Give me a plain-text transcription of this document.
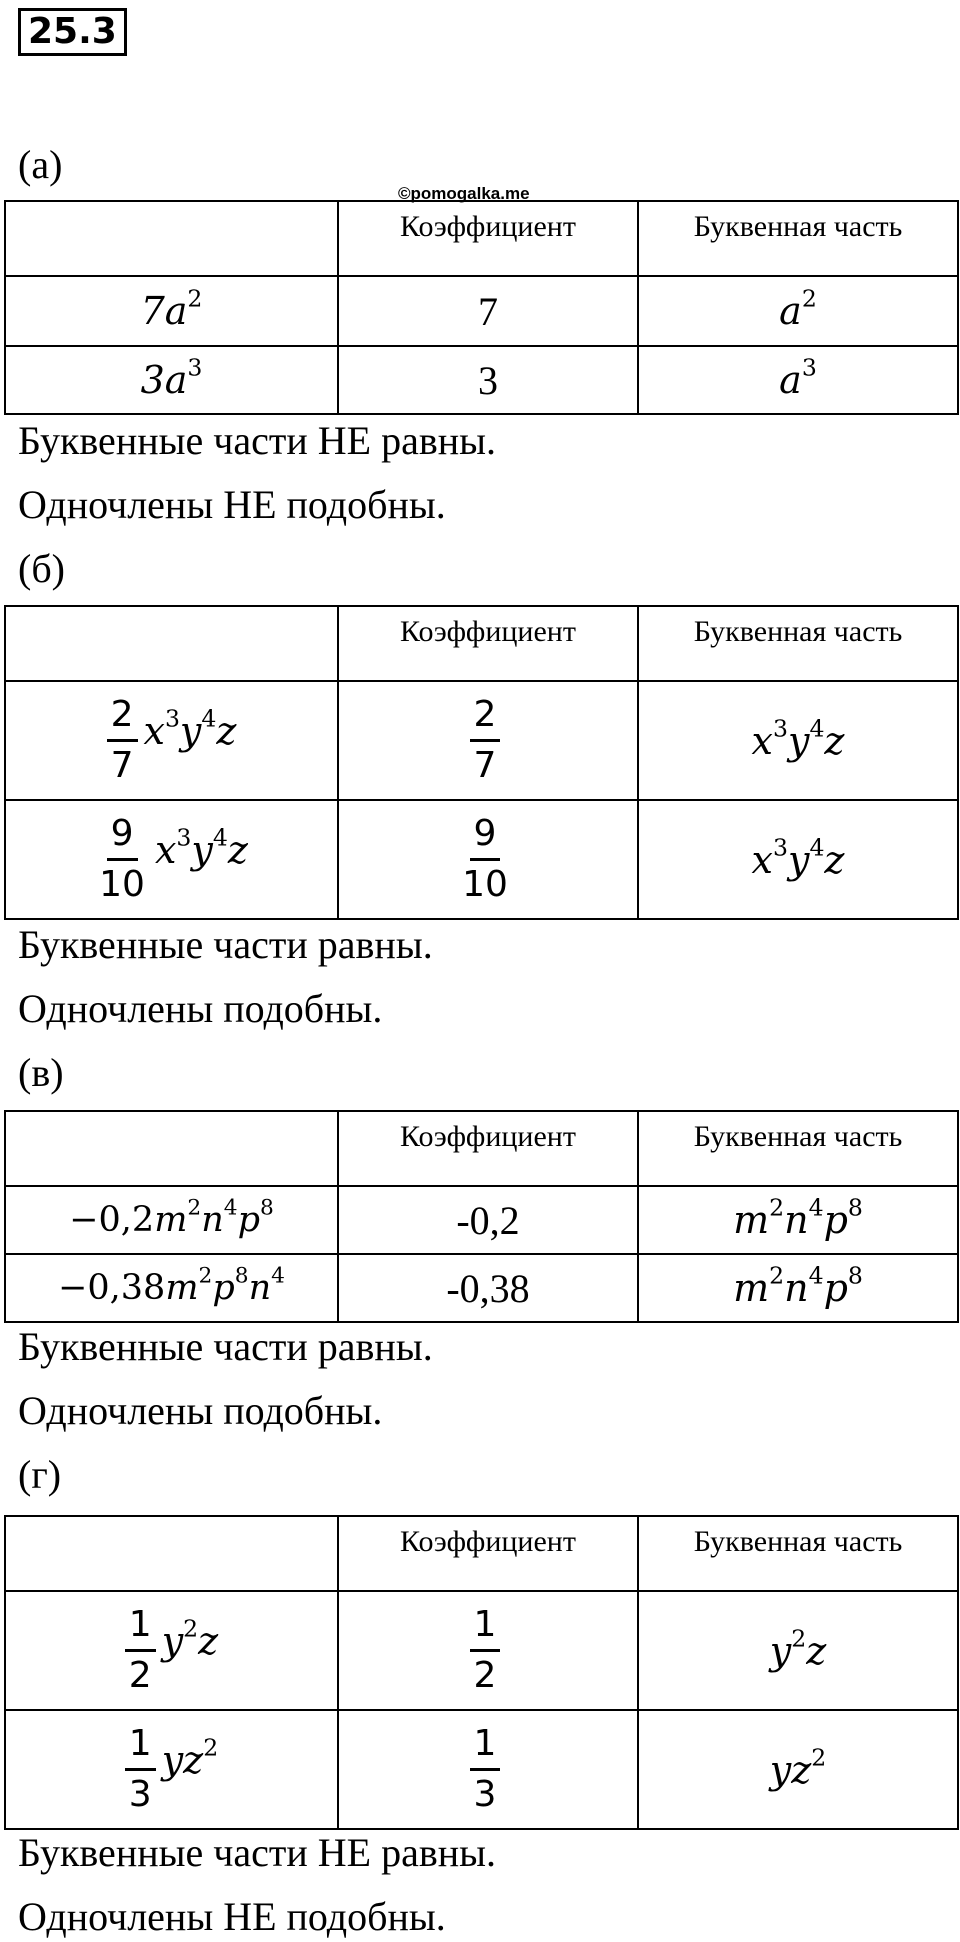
25.3
©pomogalka.me
(а)
	Коэффициент	Буквенная часть
$7a^2$	7	$a^2$
$3a^3$	3	$a^3$
Буквенные части НЕ равны.
Одночлены НЕ подобны.
(б)
	Коэффициент	Буквенная часть

$\frac{2}{7} x^3y^4z$	$\frac{2}{7}$	$x^3y^4z$

$\frac{9}{10} x^3y^4z$	$\frac{9}{10}$	$x^3y^4z$
Буквенные части равны.
Одночлены подобны.
(в)
	Коэффициент	Буквенная часть
$-0,2m^2n^4p^8$	-0,2	$m^2n^4p^8$
$-0,38m^2p^8n^4$	-0,38	$m^2n^4p^8$
Буквенные части равны.
Одночлены подобны.
(г)
	Коэффициент	Буквенная часть

$\frac{1}{2} y^2z$	$\frac{1}{2}$	$y^2z$

$\frac{1}{3} yz^2$	$\frac{1}{3}$	$yz^2$
Буквенные части НЕ равны.
Одночлены НЕ подобны.
